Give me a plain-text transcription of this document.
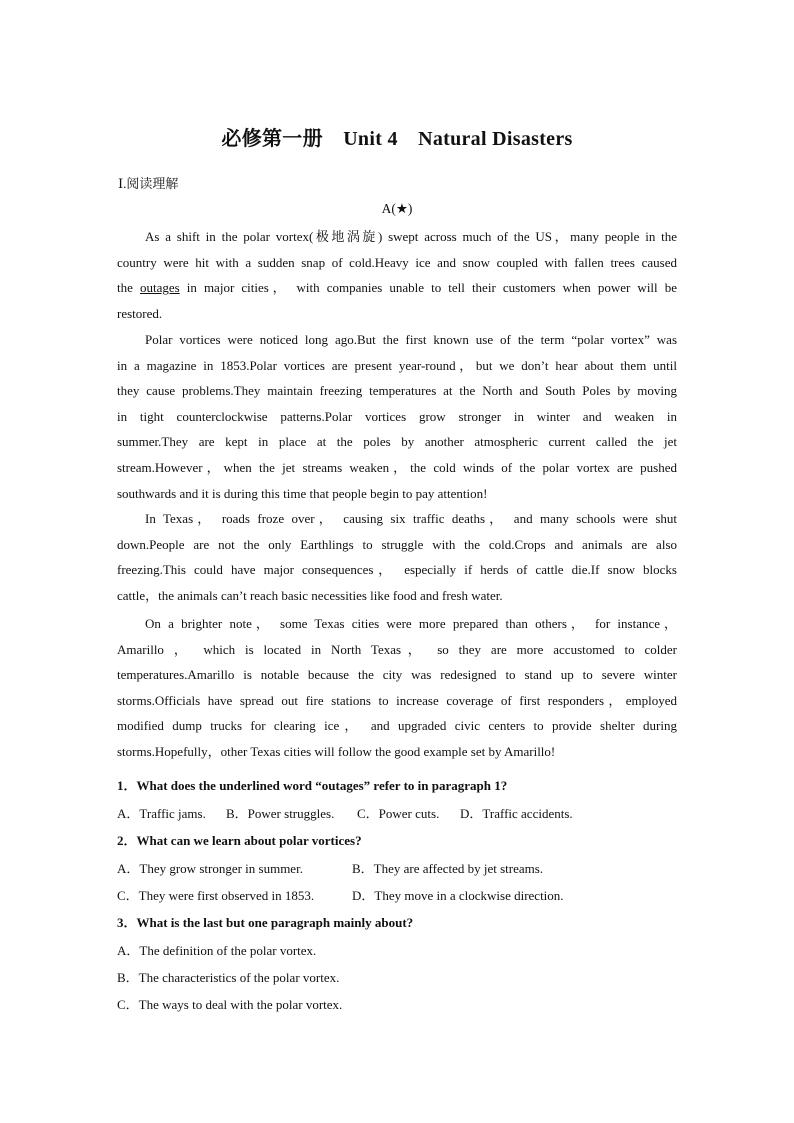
必修第一册　Unit 4　Natural Disasters
Ⅰ.阅读理解
A(★)
As a shift in the polar vortex(极地涡旋) swept across much of the US，many people in the
country were hit with a sudden snap of cold.Heavy ice and snow coupled with fallen trees caused
the outages in major cities， with companies unable to tell their customers when power will be
restored.
Polar vortices were noticed long ago.But the first known use of the term “polar vortex” was
in a magazine in 1853.Polar vortices are present year-round，but we don’t hear about them until
they cause problems.They maintain freezing temperatures at the North and South Poles by moving
in tight counterclockwise patterns.Polar vortices grow stronger in winter and weaken in
summer.They are kept in place at the poles by another atmospheric current called the jet
stream.However，when the jet streams weaken，the cold winds of the polar vortex are pushed
southwards and it is during this time that people begin to pay attention!
In Texas， roads froze over， causing six traffic deaths， and many schools were shut
down.People are not the only Earthlings to struggle with the cold.Crops and animals are also
freezing.This could have major consequences， especially if herds of cattle die.If snow blocks
cattle，the animals can’t reach basic necessities like food and fresh water.
On a brighter note， some Texas cities were more prepared than others， for instance，
Amarillo ， which is located in North Texas， so they are more accustomed to colder
temperatures.Amarillo is notable because the city was redesigned to stand up to severe winter
storms.Officials have spread out fire stations to increase coverage of first responders，employed
modified dump trucks for clearing ice， and upgraded civic centers to provide shelter during
storms.Hopefully，other Texas cities will follow the good example set by Amarillo!
1．What does the underlined word “outages” refer to in paragraph 1?
A．Traffic jams. B．Power struggles. C．Power cuts. D．Traffic accidents.
2．What can we learn about polar vortices?
A．They grow stronger in summer.	B．They are affected by jet streams.
C．They were first observed in 1853.	D．They move in a clockwise direction.
3．What is the last but one paragraph mainly about?
A．The definition of the polar vortex.
B．The characteristics of the polar vortex.
C．The ways to deal with the polar vortex.
